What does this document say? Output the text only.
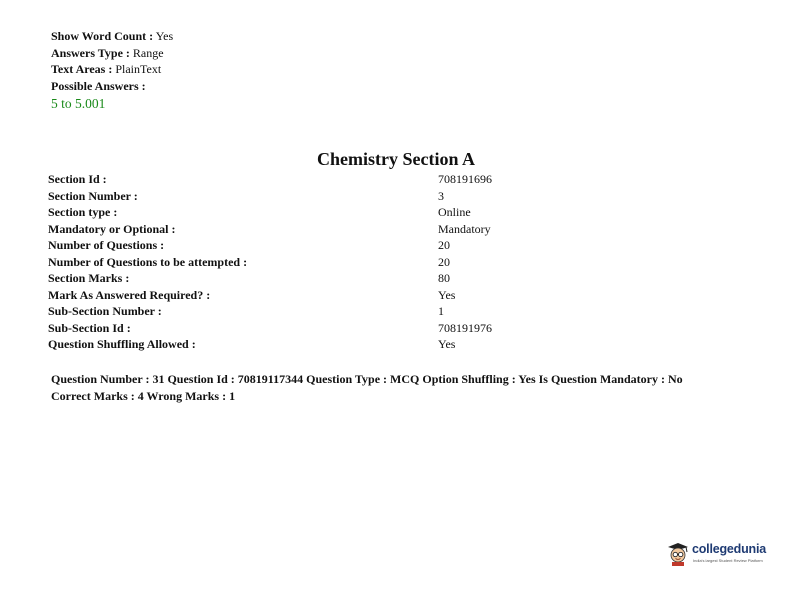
Show Word Count : Yes
Answers Type : Range
Text Areas : PlainText
Possible Answers :
5 to 5.001
Chemistry Section A
Section Id :	708191696
Section Number :	3
Section type :	Online
Mandatory or Optional :	Mandatory
Number of Questions :	20
Number of Questions to be attempted :	20
Section Marks :	80
Mark As Answered Required? :	Yes
Sub-Section Number :	1
Sub-Section Id :	708191976
Question Shuffling Allowed :	Yes
Question Number : 31 Question Id : 70819117344 Question Type : MCQ Option Shuffling : Yes Is Question Mandatory : No
Correct Marks : 4 Wrong Marks : 1
collegedunia
India's largest Student Review Platform
